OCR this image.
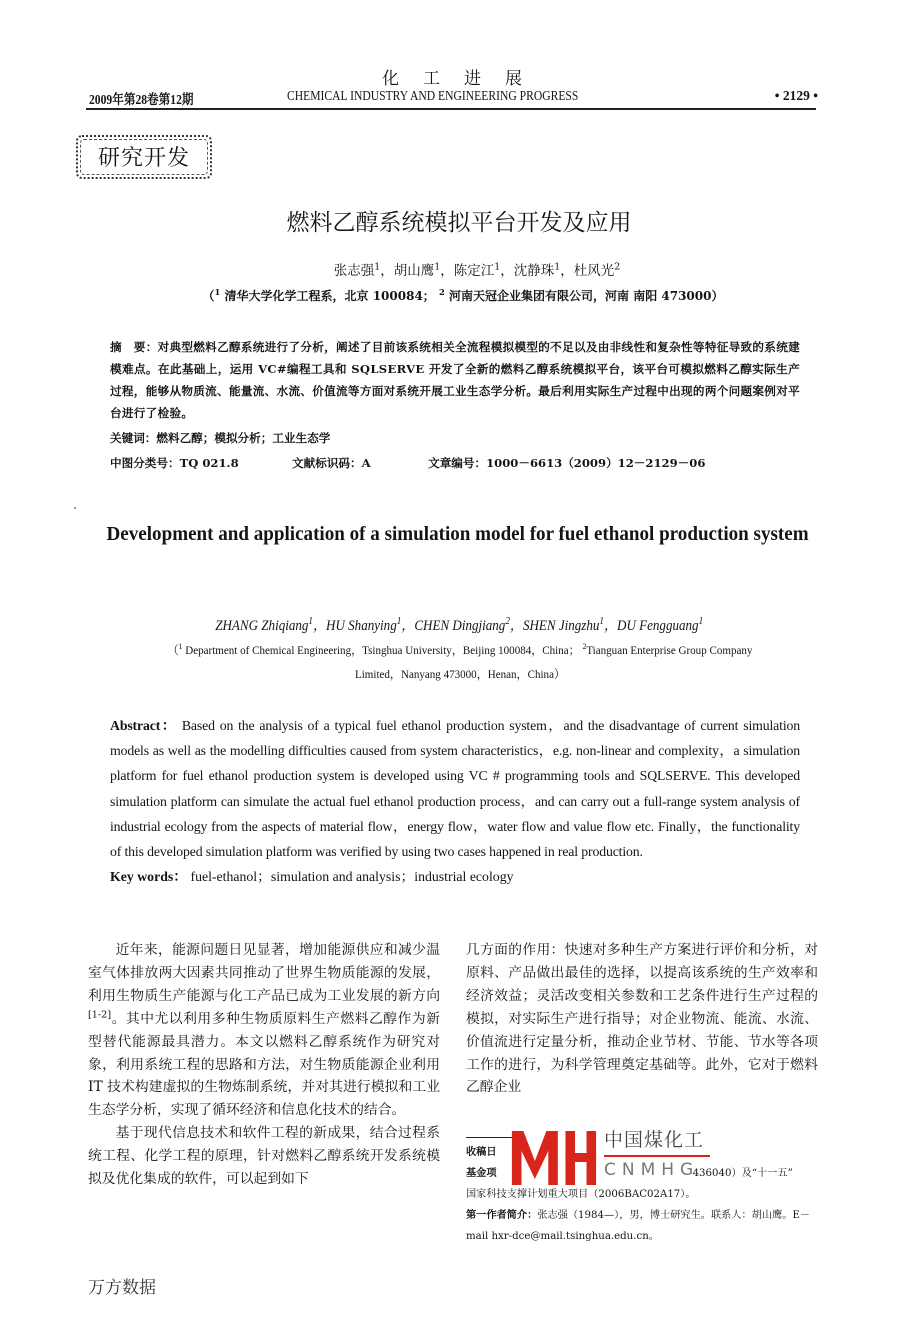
化工进展
2009年第28卷第12期	CHEMICAL INDUSTRY AND ENGINEERING PROGRESS	• 2129 •
研究开发
燃料乙醇系统模拟平台开发及应用
张志强$^1$，胡山鹰$^1$，陈定江$^1$，沈静珠$^1$，杜风光$^2$
（$^1$ 清华大学化学工程系，北京 100084； $^2$ 河南天冠企业集团有限公司，河南 南阳 473000）
摘　要：对典型燃料乙醇系统进行了分析，阐述了目前该系统相关全流程模拟模型的不足以及由非线性和复杂性等特征导致的系统建模难点。在此基础上，运用 VC#编程工具和 SQLSERVE 开发了全新的燃料乙醇系统模拟平台，该平台可模拟燃料乙醇实际生产过程，能够从物质流、能量流、水流、价值流等方面对系统开展工业生态学分析。最后利用实际生产过程中出现的两个问题案例对平台进行了检验。
关键词：燃料乙醇；模拟分析；工业生态学
中图分类号：TQ 021.8	文献标识码：A	文章编号：1000－6613（2009）12－2129－06
Development and application of a simulation model for fuel ethanol production system
ZHANG Zhiqiang$^1$，HU Shanying$^1$，CHEN Dingjiang$^2$，SHEN Jingzhu$^1$，DU Fengguang$^1$
（$^1$ Department of Chemical Engineering，Tsinghua University，Beijing 100084，China； $^2$Tianguan Enterprise Group Company Limited，Nanyang 473000，Henan，China）
Abstract： Based on the analysis of a typical fuel ethanol production system，and the disadvantage of current simulation models as well as the modelling difficulties caused from system characteristics，e.g. non-linear and complexity，a simulation platform for fuel ethanol production system is developed using VC # programming tools and SQLSERVE. This developed simulation platform can simulate the actual fuel ethanol production process，and can carry out a full-range system analysis of industrial ecology from the aspects of material flow，energy flow，water flow and value flow etc. Finally，the functionality of this developed simulation platform was verified by using two cases happened in real production.
Key words： fuel-ethanol；simulation and analysis；industrial ecology

近年来，能源问题日见显著，增加能源供应和减少温室气体排放两大因素共同推动了世界生物质能源的发展，利用生物质生产能源与化工产品已成为工业发展的新方向[1-2]。其中尤以利用多种生物质原料生产燃料乙醇作为新型替代能源最具潜力。本文以燃料乙醇系统作为研究对象，利用系统工程的思路和方法，对生物质能源企业利用 IT 技术构建虚拟的生物炼制系统，并对其进行模拟和工业生态学分析，实现了循环经济和信息化技术的结合。

基于现代信息技术和软件工程的新成果，结合过程系统工程、化学工程的原理，针对燃料乙醇系统开发系统模拟及优化集成的软件，可以起到如下

几方面的作用：快速对多种生产方案进行评价和分析，对原料、产品做出最佳的选择，以提高该系统的生产效率和经济效益；灵活改变相关参数和工艺条件进行生产过程的模拟，对实际生产进行指导；对企业物流、能流、水流、价值流进行定量分析，推动企业节材、节能、节水等各项工作的进行，为科学管理奠定基础等。此外，它对于燃料乙醇企业

收稿日
基金项	436040）及“十一五”
国家科技支撑计划重大项目（2006BAC02A17）。
第一作者简介：张志强（1984—），男，博士研究生。联系人：胡山鹰。E－mail hxr-dce@mail.tsinghua.edu.cn。
中国煤化工
CNMHG
万方数据
